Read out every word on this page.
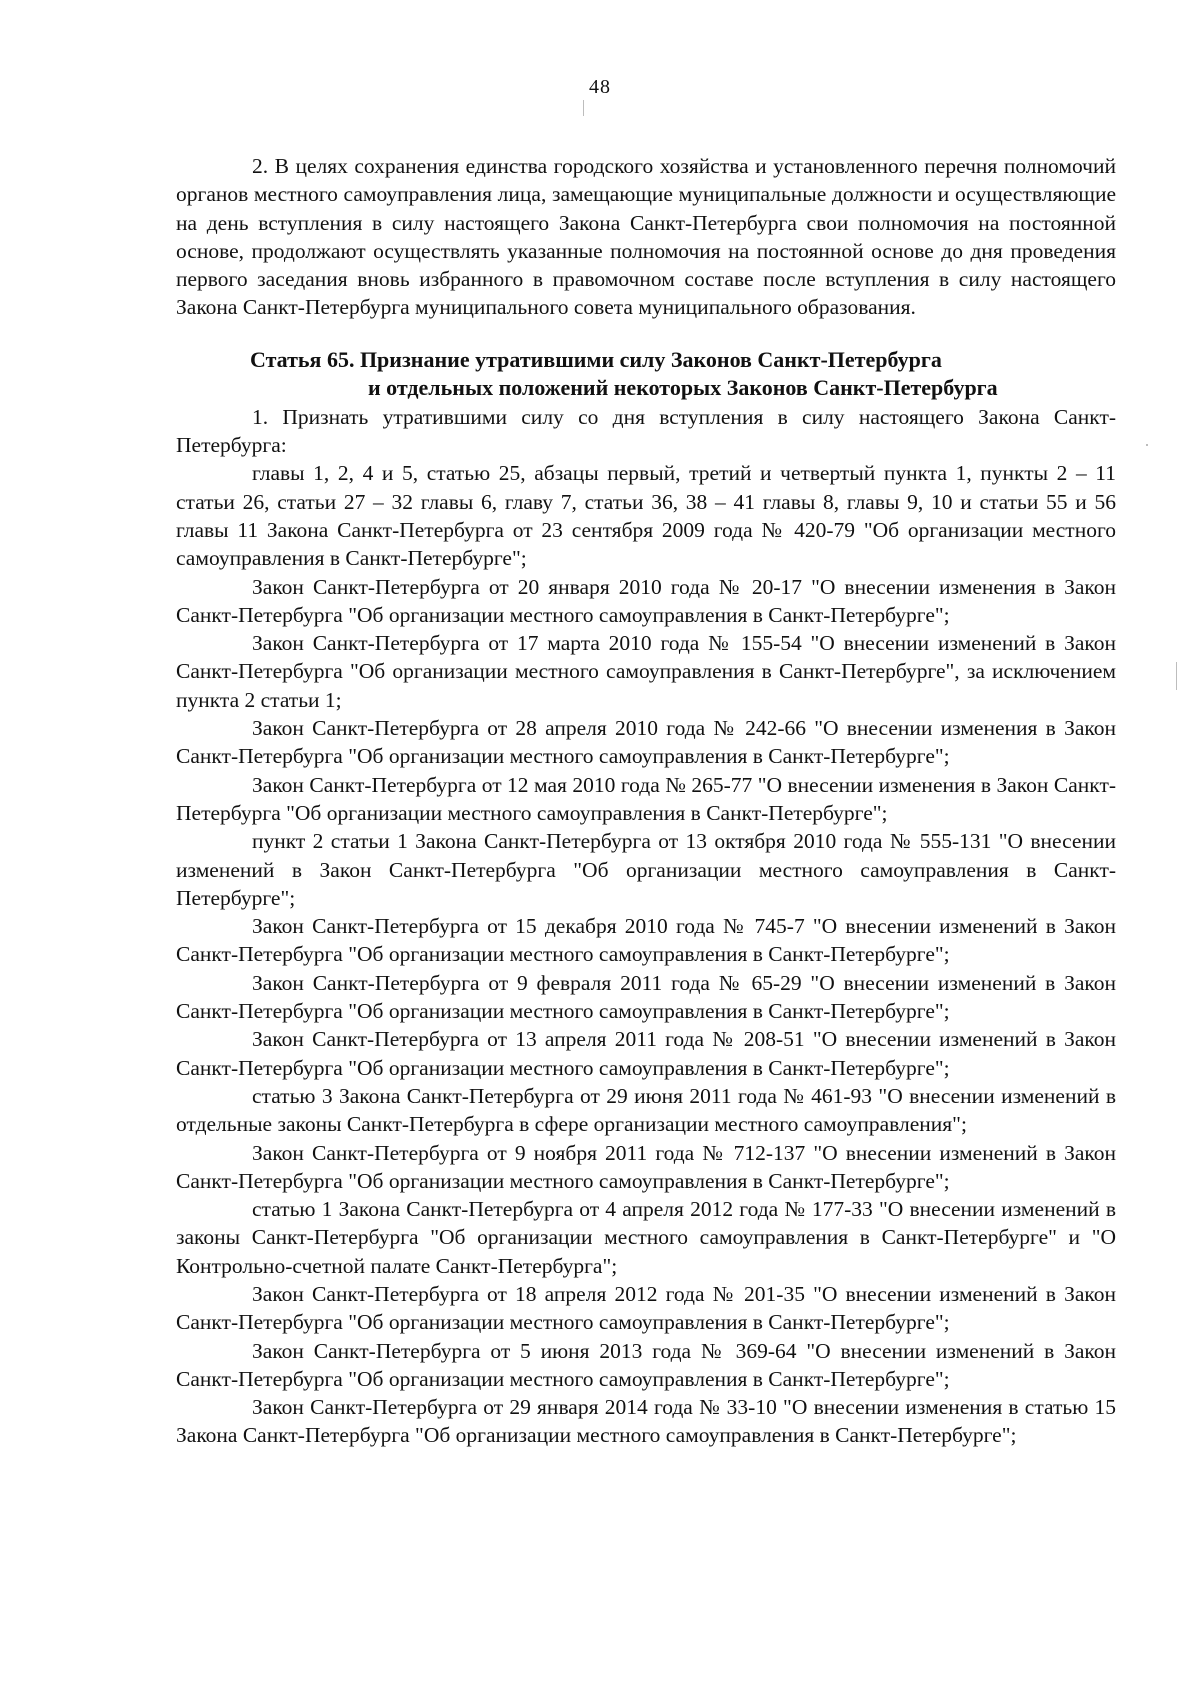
48

2. В целях сохранения единства городского хозяйства и установленного перечня полномочий органов местного самоуправления лица, замещающие муниципальные должности и осуществляющие на день вступления в силу настоящего Закона Санкт-Петербурга свои полномочия на постоянной основе, продолжают осуществлять указанные полномочия на постоянной основе до дня проведения первого заседания вновь избранного в правомочном составе после вступления в силу настоящего Закона Санкт-Петербурга муниципального совета муниципального образования.

Статья 65. Признание утратившими силу Законов Санкт-Петербурга
и отдельных положений некоторых Законов Санкт-Петербурга

1. Признать утратившими силу со дня вступления в силу настоящего Закона Санкт-Петербурга:

главы 1, 2, 4 и 5, статью 25, абзацы первый, третий и четвертый пункта 1, пункты 2 – 11 статьи 26, статьи 27 – 32 главы 6, главу 7, статьи 36, 38 – 41 главы 8, главы 9, 10 и статьи 55 и 56 главы 11 Закона Санкт-Петербурга от 23 сентября 2009 года № 420-79 "Об организации местного самоуправления в Санкт-Петербурге";

Закон Санкт-Петербурга от 20 января 2010 года № 20-17 "О внесении изменения в Закон Санкт-Петербурга "Об организации местного самоуправления в Санкт-Петербурге";

Закон Санкт-Петербурга от 17 марта 2010 года № 155-54 "О внесении изменений в Закон Санкт-Петербурга "Об организации местного самоуправления в Санкт-Петербурге", за исключением пункта 2 статьи 1;

Закон Санкт-Петербурга от 28 апреля 2010 года № 242-66 "О внесении изменения в Закон Санкт-Петербурга "Об организации местного самоуправления в Санкт-Петербурге";

Закон Санкт-Петербурга от 12 мая 2010 года № 265-77 "О внесении изменения в Закон Санкт-Петербурга "Об организации местного самоуправления в Санкт-Петербурге";

пункт 2 статьи 1 Закона Санкт-Петербурга от 13 октября 2010 года № 555-131 "О внесении изменений в Закон Санкт-Петербурга "Об организации местного самоуправления в Санкт-Петербурге";

Закон Санкт-Петербурга от 15 декабря 2010 года № 745-7 "О внесении изменений в Закон Санкт-Петербурга "Об организации местного самоуправления в Санкт-Петербурге";

Закон Санкт-Петербурга от 9 февраля 2011 года № 65-29 "О внесении изменений в Закон Санкт-Петербурга "Об организации местного самоуправления в Санкт-Петербурге";

Закон Санкт-Петербурга от 13 апреля 2011 года № 208-51 "О внесении изменений в Закон Санкт-Петербурга "Об организации местного самоуправления в Санкт-Петербурге";

статью 3 Закона Санкт-Петербурга от 29 июня 2011 года № 461-93 "О внесении изменений в отдельные законы Санкт-Петербурга в сфере организации местного самоуправления";

Закон Санкт-Петербурга от 9 ноября 2011 года № 712-137 "О внесении изменений в Закон Санкт-Петербурга "Об организации местного самоуправления в Санкт-Петербурге";

статью 1 Закона Санкт-Петербурга от 4 апреля 2012 года № 177-33 "О внесении изменений в законы Санкт-Петербурга "Об организации местного самоуправления в Санкт-Петербурге" и "О Контрольно-счетной палате Санкт-Петербурга";

Закон Санкт-Петербурга от 18 апреля 2012 года № 201-35 "О внесении изменений в Закон Санкт-Петербурга "Об организации местного самоуправления в Санкт-Петербурге";

Закон Санкт-Петербурга от 5 июня 2013 года № 369-64 "О внесении изменений в Закон Санкт-Петербурга "Об организации местного самоуправления в Санкт-Петербурге";

Закон Санкт-Петербурга от 29 января 2014 года № 33-10 "О внесении изменения в статью 15 Закона Санкт-Петербурга "Об организации местного самоуправления в Санкт-Петербурге";
